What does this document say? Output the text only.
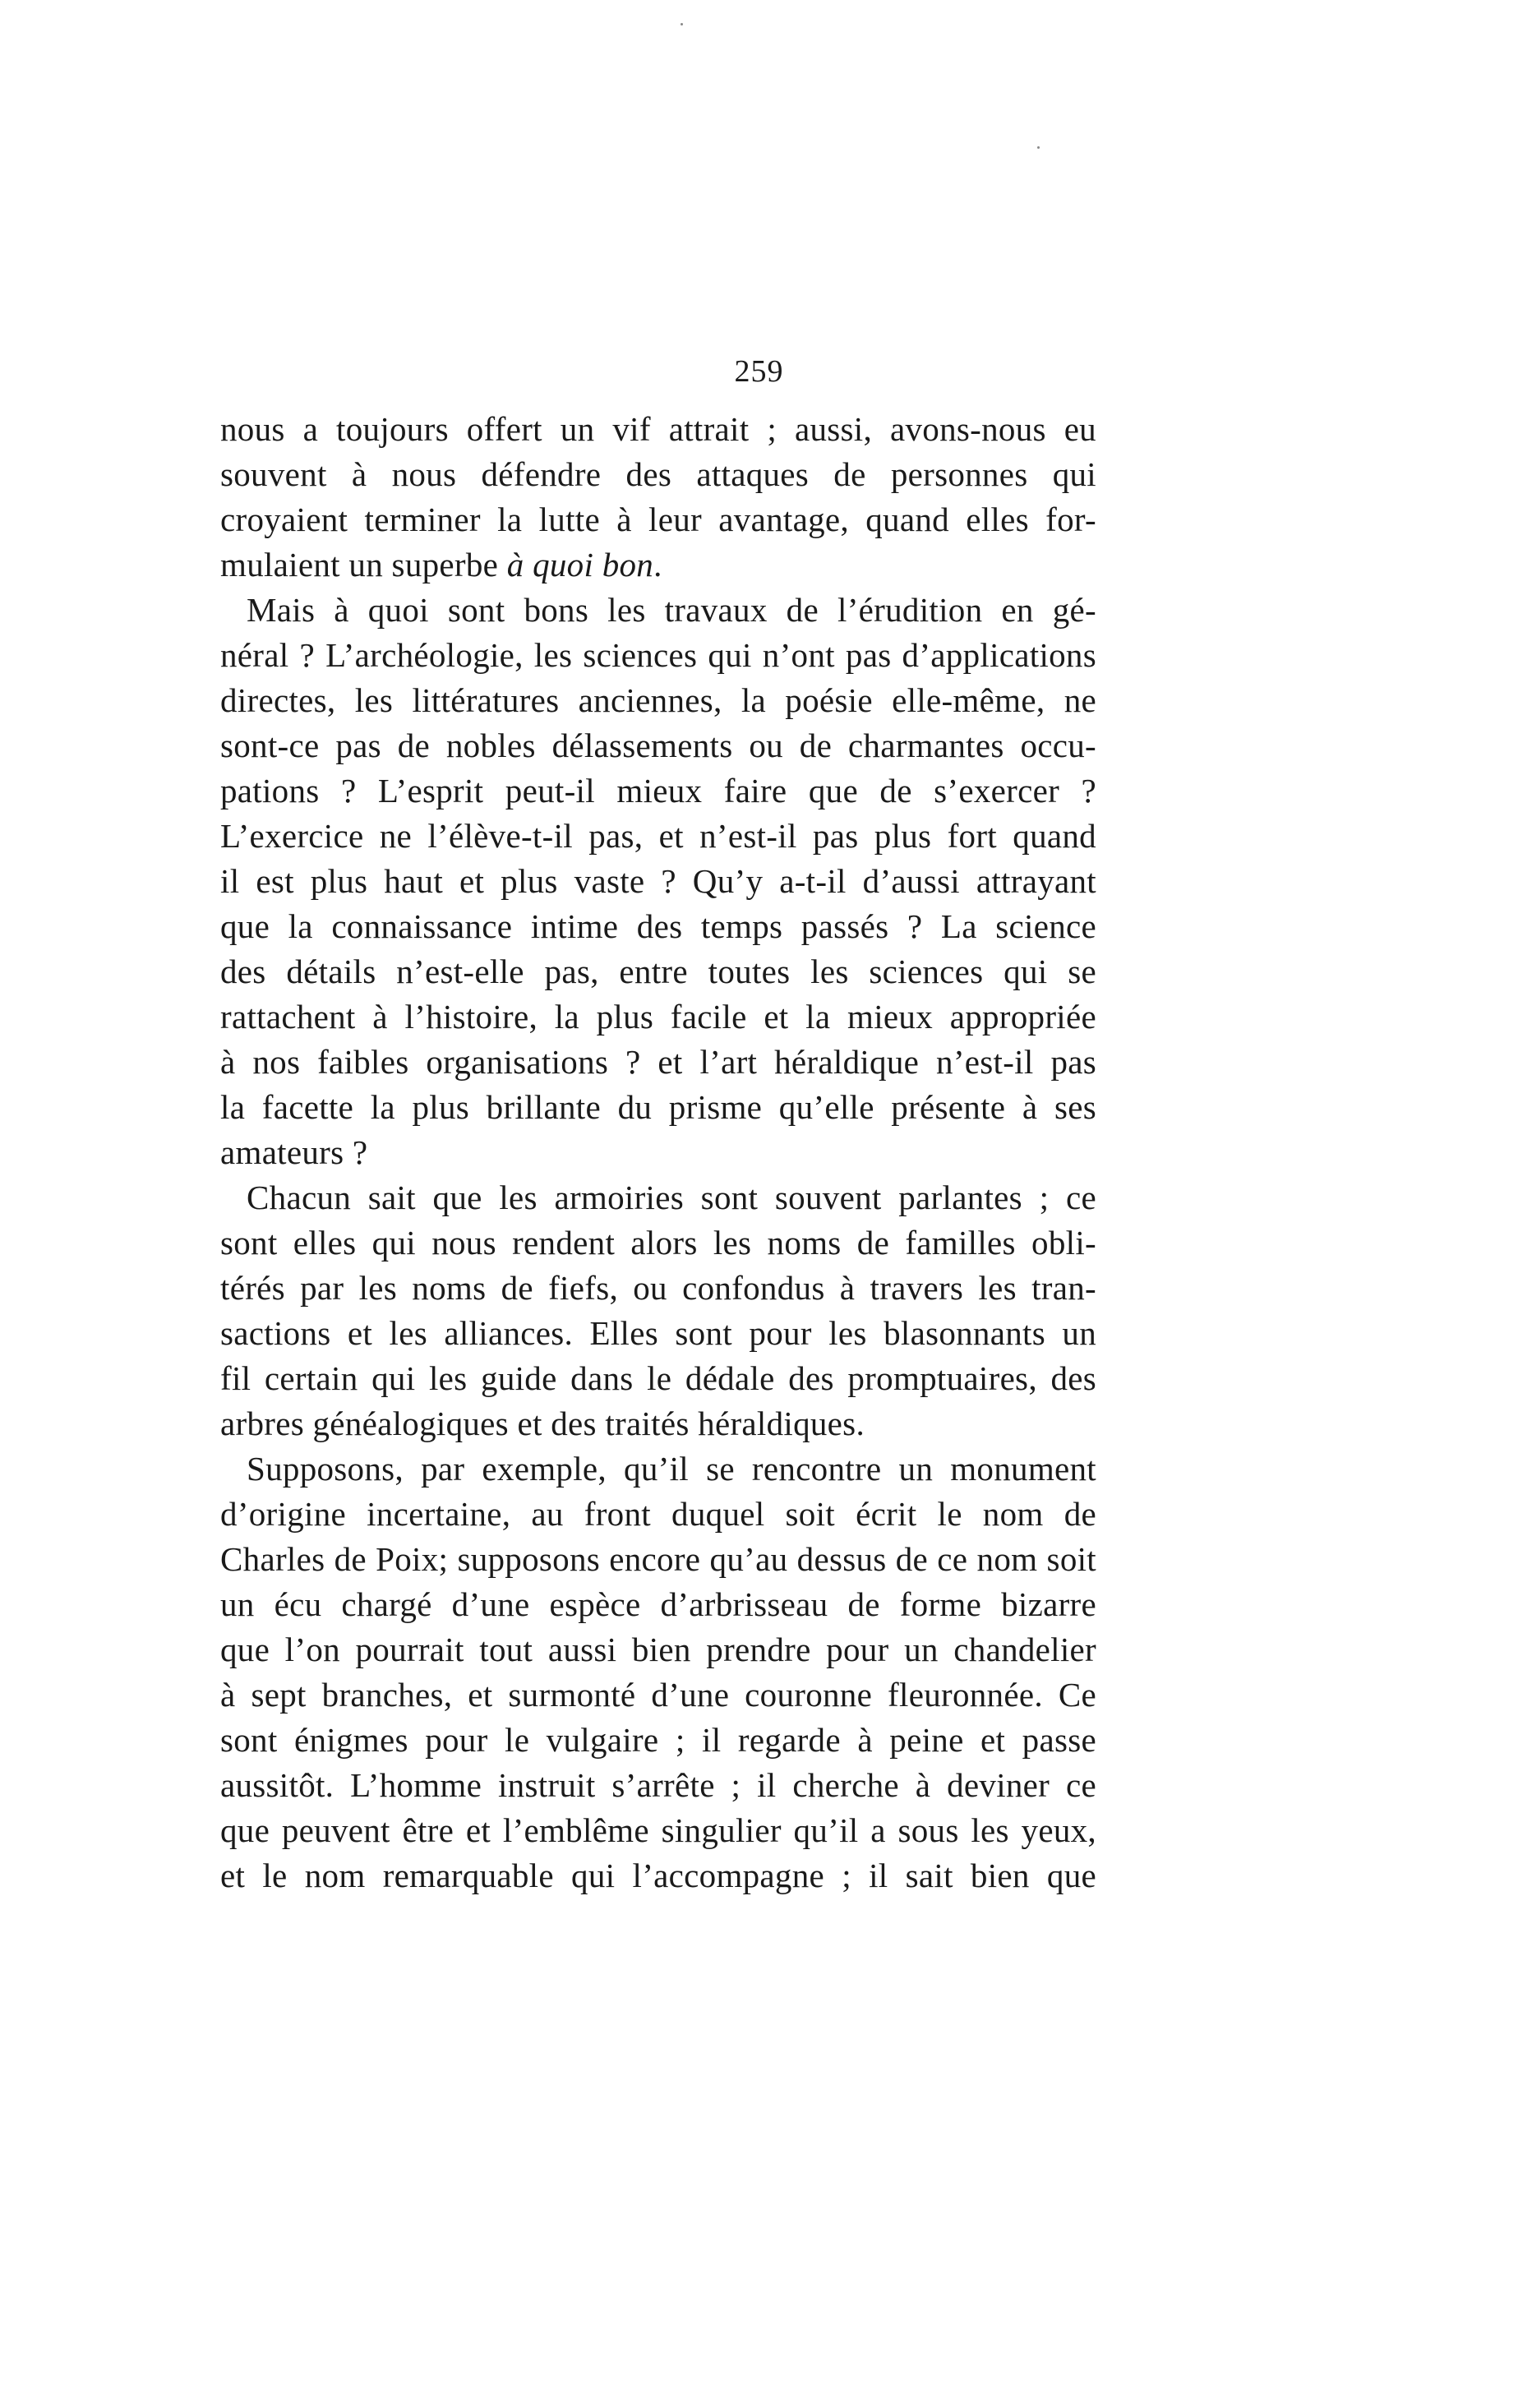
259
nous a toujours offert un vif attrait ; aussi, avons-nous eu
souvent à nous défendre des attaques de personnes qui
croyaient terminer la lutte à leur avantage, quand elles for-
mulaient un superbe à quoi bon.
Mais à quoi sont bons les travaux de l’érudition en gé-
néral ? L’archéologie, les sciences qui n’ont pas d’applications
directes, les littératures anciennes, la poésie elle-même, ne
sont-ce pas de nobles délassements ou de charmantes occu-
pations ? L’esprit peut-il mieux faire que de s’exercer ?
L’exercice ne l’élève-t-il pas, et n’est-il pas plus fort quand
il est plus haut et plus vaste ? Qu’y a-t-il d’aussi attrayant
que la connaissance intime des temps passés ? La science
des détails n’est-elle pas, entre toutes les sciences qui se
rattachent à l’histoire, la plus facile et la mieux appropriée
à nos faibles organisations ? et l’art héraldique n’est-il pas
la facette la plus brillante du prisme qu’elle présente à ses
amateurs ?
Chacun sait que les armoiries sont souvent parlantes ; ce
sont elles qui nous rendent alors les noms de familles obli-
térés par les noms de fiefs, ou confondus à travers les tran-
sactions et les alliances. Elles sont pour les blasonnants un
fil certain qui les guide dans le dédale des promptuaires, des
arbres généalogiques et des traités héraldiques.
Supposons, par exemple, qu’il se rencontre un monument
d’origine incertaine, au front duquel soit écrit le nom de
Charles de Poix; supposons encore qu’au dessus de ce nom soit
un écu chargé d’une espèce d’arbrisseau de forme bizarre
que l’on pourrait tout aussi bien prendre pour un chandelier
à sept branches, et surmonté d’une couronne fleuronnée. Ce
sont énigmes pour le vulgaire ; il regarde à peine et passe
aussitôt. L’homme instruit s’arrête ; il cherche à deviner ce
que peuvent être et l’emblême singulier qu’il a sous les yeux,
et le nom remarquable qui l’accompagne ; il sait bien que
